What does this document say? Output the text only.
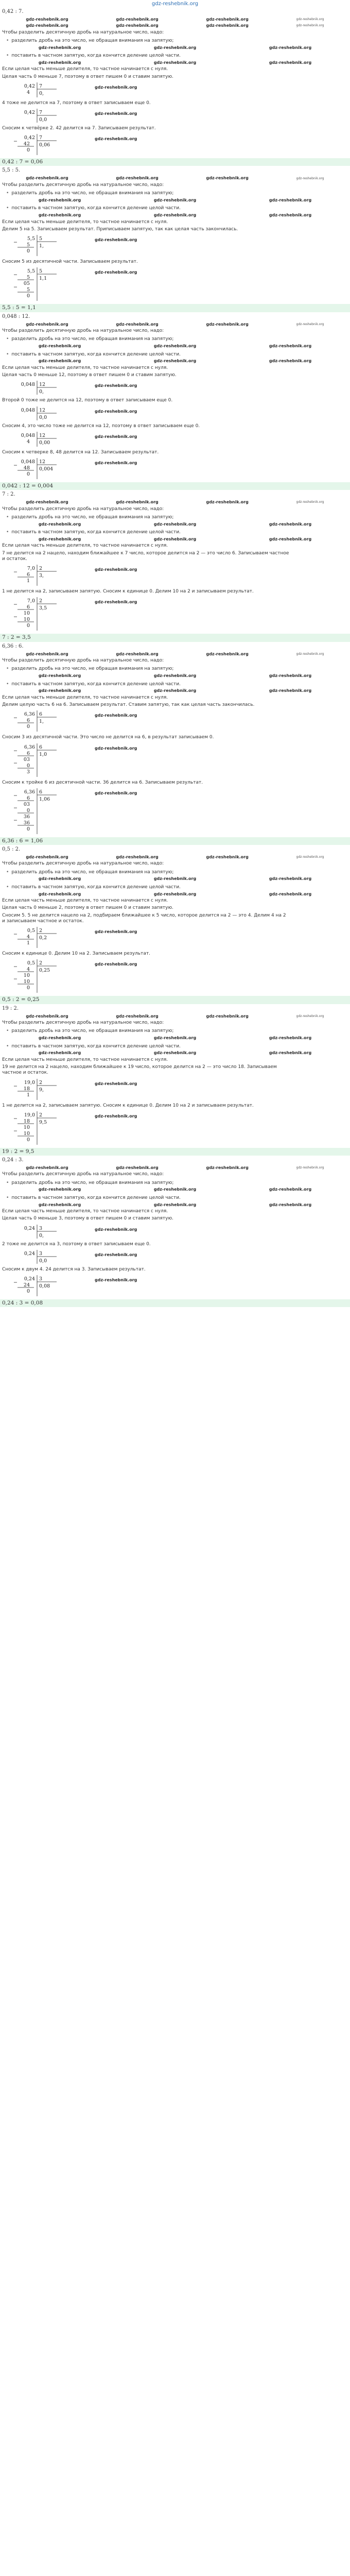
gdz-reshebnik.org
0,42 : 7.
gdz-reshebnik.org	gdz-reshebnik.org	gdz-reshebnik.org	gdz-reshebnik.org
gdz-reshebnik.org	gdz-reshebnik.org	gdz-reshebnik.org	gdz-reshebnik.org
Чтобы разделить десятичную дробь на натуральное число, надо:
• разделить дробь на это число, не обращая внимания на запятую;
gdz-reshebnik.org	gdz-reshebnik.org	gdz-reshebnik.org
• поставить в частном запятую, когда кончится деление целой части.
gdz-reshebnik.org	gdz-reshebnik.org	gdz-reshebnik.org
Если целая часть меньше делителя, то частное начинается с нуля.
Целая часть 0 меньше 7, поэтому в ответ пишем 0 и ставим запятую.
0,42 7
0,
4
gdz-reshebnik.org
4 тоже не делится на 7, поэтому в ответ записываем еще 0.
0,42 7
0,0
gdz-reshebnik.org
Сносим к четвёрке 2. 42 делится на 7. Записываем результат.
0,42 7
0,06
− 42
0
gdz-reshebnik.org
0,42 : 7 = 0,06
5,5 : 5.
gdz-reshebnik.org	gdz-reshebnik.org	gdz-reshebnik.org	gdz-reshebnik.org
Чтобы разделить десятичную дробь на натуральное число, надо:
• разделить дробь на это число, не обращая внимания на запятую;
gdz-reshebnik.org	gdz-reshebnik.org	gdz-reshebnik.org
• поставить в частном запятую, когда кончится деление целой части.
gdz-reshebnik.org	gdz-reshebnik.org	gdz-reshebnik.org
Если целая часть меньше делителя, то частное начинается с нуля.
Делим 5 на 5. Записываем результат. Приписываем запятую, так как целая часть закончилась.
5,5 5
1,
− 5
0
gdz-reshebnik.org
Сносим 5 из десятичной части. Записываем результат.
5,5 5
1,1
− 5
05
− 5
0
gdz-reshebnik.org
5,5 : 5 = 1,1
0,048 : 12.
gdz-reshebnik.org	gdz-reshebnik.org	gdz-reshebnik.org	gdz-reshebnik.org
Чтобы разделить десятичную дробь на натуральное число, надо:
• разделить дробь на это число, не обращая внимания на запятую;
gdz-reshebnik.org	gdz-reshebnik.org	gdz-reshebnik.org
• поставить в частном запятую, когда кончится деление целой части.
gdz-reshebnik.org	gdz-reshebnik.org	gdz-reshebnik.org
Если целая часть меньше делителя, то частное начинается с нуля.
Целая часть 0 меньше 12, поэтому в ответ пишем 0 и ставим запятую.
0,048 12
0,
gdz-reshebnik.org
Второй 0 тоже не делится на 12, поэтому в ответ записываем еще 0.
0,048 12
0,0
gdz-reshebnik.org
Сносим 4, это число тоже не делится на 12, поэтому в ответ записываем еще 0.
0,048 12
0,00
4
gdz-reshebnik.org
Сносим к четверке 8, 48 делится на 12. Записываем результат.
0,048 12
0,004
− 48
0
gdz-reshebnik.org
0,042 : 12 = 0,004
7 : 2.
gdz-reshebnik.org	gdz-reshebnik.org	gdz-reshebnik.org	gdz-reshebnik.org
Чтобы разделить десятичную дробь на натуральное число, надо:
• разделить дробь на это число, не обращая внимания на запятую;
gdz-reshebnik.org	gdz-reshebnik.org	gdz-reshebnik.org
• поставить в частном запятую, когда кончится деление целой части.
gdz-reshebnik.org	gdz-reshebnik.org	gdz-reshebnik.org
Если целая часть меньше делителя, то частное начинается с нуля.
7 не делится на 2 нацело, находим ближайшее к 7 число, которое делится на 2 — это число 6. Записываем частное и остаток.
7,0 2
3,
− 6
1
gdz-reshebnik.org
1 не делится на 2, записываем запятую. Сносим к единице 0. Делим 10 на 2 и записываем результат.
7,0 2
3,5
− 6
10
− 10
0
gdz-reshebnik.org
7 : 2 = 3,5
6,36 : 6.
gdz-reshebnik.org	gdz-reshebnik.org	gdz-reshebnik.org	gdz-reshebnik.org
Чтобы разделить десятичную дробь на натуральное число, надо:
• разделить дробь на это число, не обращая внимания на запятую;
gdz-reshebnik.org	gdz-reshebnik.org	gdz-reshebnik.org
• поставить в частном запятую, когда кончится деление целой части.
gdz-reshebnik.org	gdz-reshebnik.org	gdz-reshebnik.org
Если целая часть меньше делителя, то частное начинается с нуля.
Делим целую часть 6 на 6. Записываем результат. Ставим запятую, так как целая часть закончилась.
6,36 6
1,
− 6
0
gdz-reshebnik.org
Сносим 3 из десятичной части. Это число не делится на 6, в результат записываем 0.
6,36 6
1,0
− 6
03
− 0
3
gdz-reshebnik.org
Сносим к тройке 6 из десятичной части. 36 делится на 6. Записываем результат.
6,36 6
1,06
− 6
03
− 0
36
− 36
0
gdz-reshebnik.org
6,36 : 6 = 1,06
0,5 : 2.
gdz-reshebnik.org	gdz-reshebnik.org	gdz-reshebnik.org	gdz-reshebnik.org
Чтобы разделить десятичную дробь на натуральное число, надо:
• разделить дробь на это число, не обращая внимания на запятую;
gdz-reshebnik.org	gdz-reshebnik.org	gdz-reshebnik.org
• поставить в частном запятую, когда кончится деление целой части.
gdz-reshebnik.org	gdz-reshebnik.org	gdz-reshebnik.org
Если целая часть меньше делителя, то частное начинается с нуля.
Целая часть 0 меньше 2, поэтому в ответ пишем 0 и ставим запятую.
Сносим 5. 5 не делится нацело на 2, подбираем ближайшее к 5 число, которое делится на 2 — это 4. Делим 4 на 2 и записываем частное и остаток.
0,5 2
0,2
− 4
1
gdz-reshebnik.org
Сносим к единице 0. Делим 10 на 2. Записываем результат.
0,5 2
0,25
− 4
10
− 10
0
gdz-reshebnik.org
0,5 : 2 = 0,25
19 : 2.
gdz-reshebnik.org	gdz-reshebnik.org	gdz-reshebnik.org	gdz-reshebnik.org
Чтобы разделить десятичную дробь на натуральное число, надо:
• разделить дробь на это число, не обращая внимания на запятую;
gdz-reshebnik.org	gdz-reshebnik.org	gdz-reshebnik.org
• поставить в частном запятую, когда кончится деление целой части.
gdz-reshebnik.org	gdz-reshebnik.org	gdz-reshebnik.org
Если целая часть меньше делителя, то частное начинается с нуля.
19 не делится на 2 нацело, находим ближайшее к 19 число, которое делится на 2 — это число 18. Записываем частное и остаток.
19,0 2
9,
− 18
1
gdz-reshebnik.org
1 не делится на 2, записываем запятую. Сносим к единице 0. Делим 10 на 2 и записываем результат.
19,0 2
9,5
− 18
10
− 10
0
gdz-reshebnik.org
19 : 2 = 9,5
0,24 : 3.
gdz-reshebnik.org	gdz-reshebnik.org	gdz-reshebnik.org	gdz-reshebnik.org
Чтобы разделить десятичную дробь на натуральное число, надо:
• разделить дробь на это число, не обращая внимания на запятую;
gdz-reshebnik.org	gdz-reshebnik.org	gdz-reshebnik.org
• поставить в частном запятую, когда кончится деление целой части.
gdz-reshebnik.org	gdz-reshebnik.org	gdz-reshebnik.org
Если целая часть меньше делителя, то частное начинается с нуля.
Целая часть 0 меньше 3, поэтому в ответ пишем 0 и ставим запятую.
0,24 3
0,
gdz-reshebnik.org
2 тоже не делится на 3, поэтому в ответ записываем еще 0.
0,24 3
0,0
gdz-reshebnik.org
Сносим к двум 4. 24 делится на 3. Записываем результат.
0,24 3
0,08
− 24
0
gdz-reshebnik.org
0,24 : 3 = 0,08
